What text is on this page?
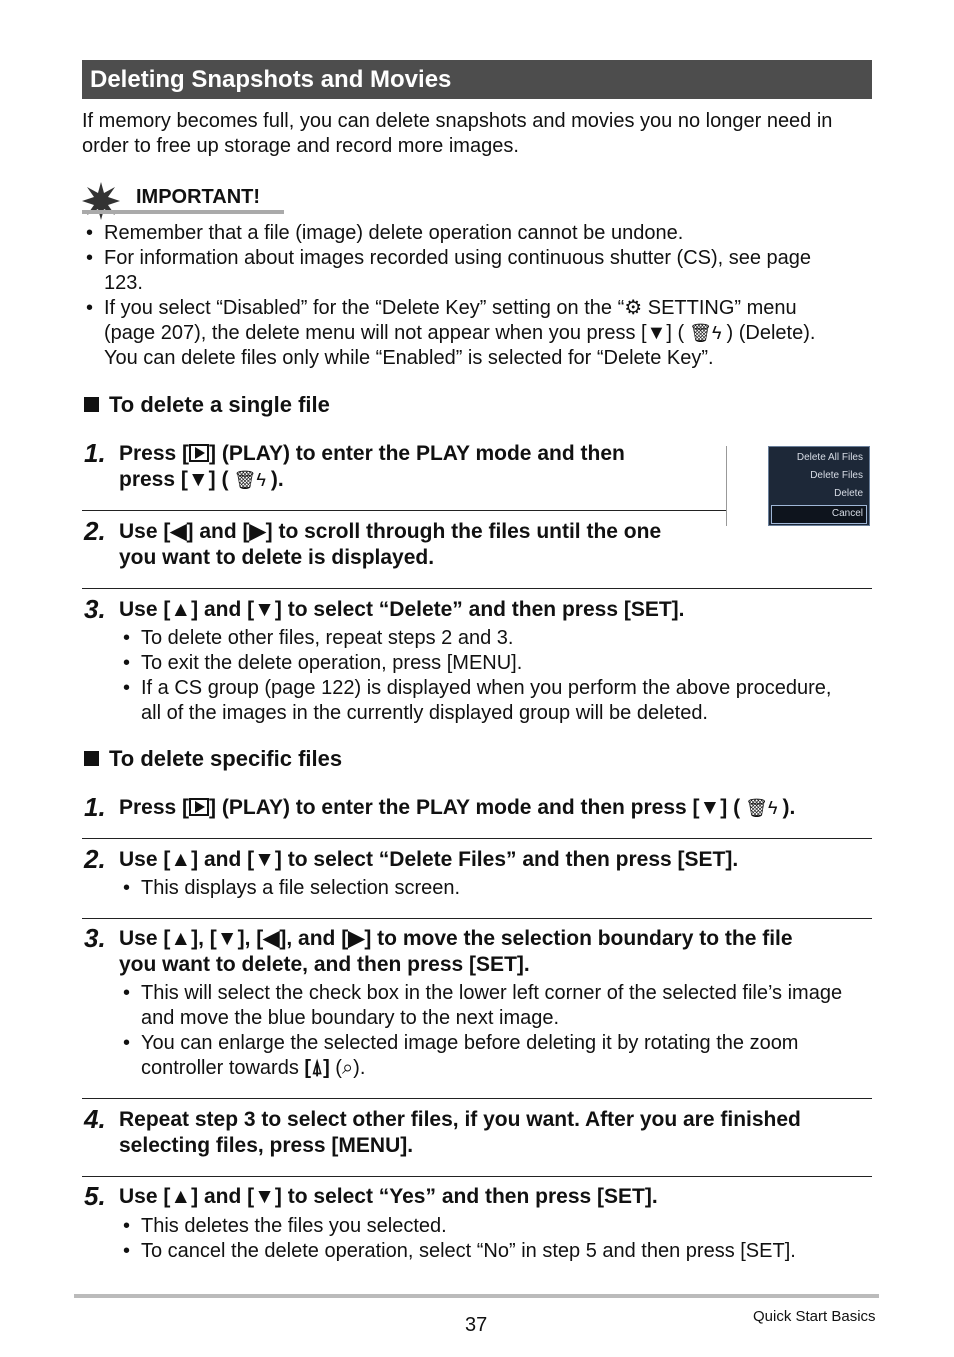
Deleting Snapshots and Movies
If memory becomes full, you can delete snapshots and movies you no longer need in
order to free up storage and record more images.
IMPORTANT!
• Remember that a file (image) delete operation cannot be undone.
• For information about images recorded using continuous shutter (CS), see page
123.
• If you select “Disabled” for the “Delete Key” setting on the “⚙ SETTING” menu
(page 207), the delete menu will not appear when you press [▼] ( 🗑ϟ ) (Delete).
You can delete files only while “Enabled” is selected for “Delete Key”.
To delete a single file
1. Press [ ] (PLAY) to enter the PLAY mode and then
press [▼] ( 🗑ϟ ).
Delete All Files
Delete Files
Delete
Cancel
2. Use [◀] and [▶] to scroll through the files until the one
you want to delete is displayed.
3. Use [▲] and [▼] to select “Delete” and then press [SET].
• To delete other files, repeat steps 2 and 3.
• To exit the delete operation, press [MENU].
• If a CS group (page 122) is displayed when you perform the above procedure,
all of the images in the currently displayed group will be deleted.
To delete specific files
1. Press [ ] (PLAY) to enter the PLAY mode and then press [▼] ( 🗑ϟ ).
2. Use [▲] and [▼] to select “Delete Files” and then press [SET].
• This displays a file selection screen.
3. Use [▲], [▼], [◀], and [▶] to move the selection boundary to the file
you want to delete, and then press [SET].
• This will select the check box in the lower left corner of the selected file’s image
and move the blue boundary to the next image.
• You can enlarge the selected image before deleting it by rotating the zoom
controller towards [⍋] (⌕).
4. Repeat step 3 to select other files, if you want. After you are finished
selecting files, press [MENU].
5. Use [▲] and [▼] to select “Yes” and then press [SET].
• This deletes the files you selected.
• To cancel the delete operation, select “No” in step 5 and then press [SET].
37	Quick Start Basics
